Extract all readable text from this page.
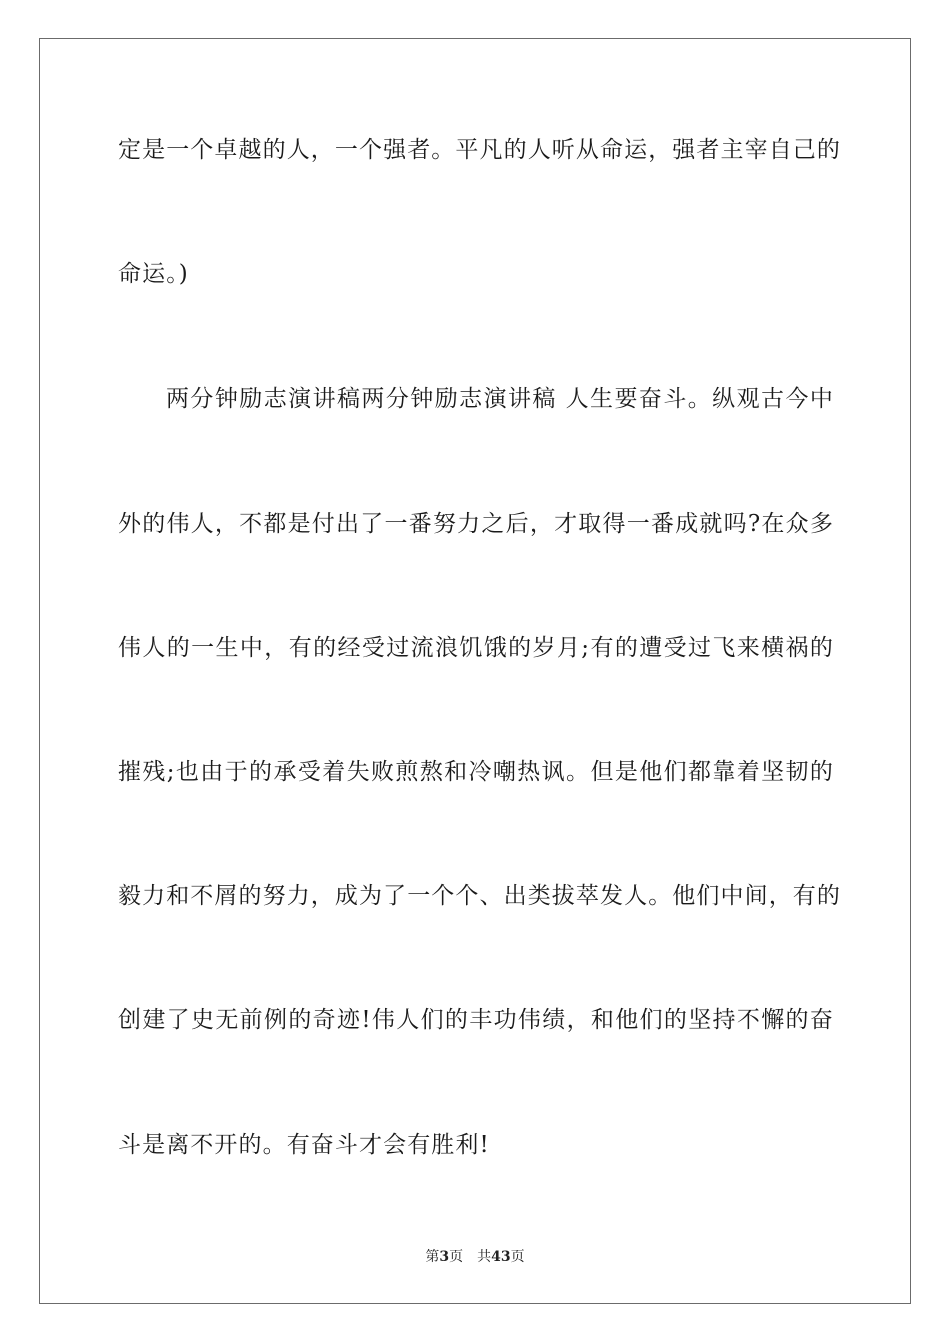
定是一个卓越的人，一个强者。平凡的人听从命运，强者主宰自己的
命运。)
两分钟励志演讲稿两分钟励志演讲稿 人生要奋斗。纵观古今中
外的伟人，不都是付出了一番努力之后，才取得一番成就吗?在众多
伟人的一生中，有的经受过流浪饥饿的岁月;有的遭受过飞来横祸的
摧残;也由于的承受着失败煎熬和冷嘲热讽。但是他们都靠着坚韧的
毅力和不屑的努力，成为了一个个、出类拔萃发人。他们中间，有的
创建了史无前例的奇迹!伟人们的丰功伟绩，和他们的坚持不懈的奋
斗是离不开的。有奋斗才会有胜利!
第3页 共43页
